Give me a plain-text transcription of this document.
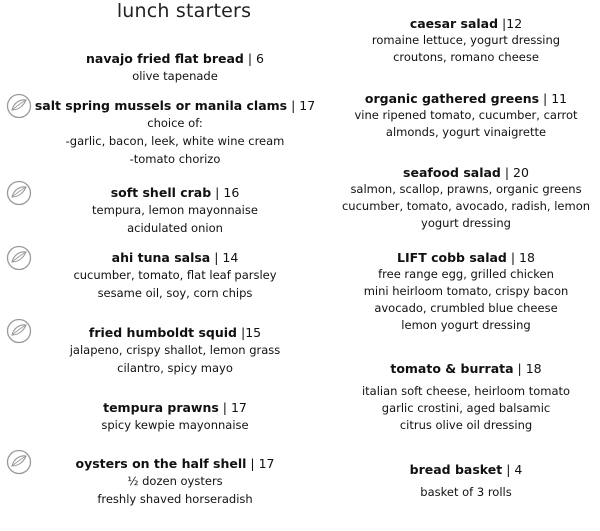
lunch starters
navajo fried flat bread | 6
olive tapenade
salt spring mussels or manila clams | 17
choice of:
-garlic, bacon, leek, white wine cream
-tomato chorizo
soft shell crab | 16
tempura, lemon mayonnaise
acidulated onion
ahi tuna salsa | 14
cucumber, tomato, flat leaf parsley
sesame oil, soy, corn chips
fried humboldt squid |15
jalapeno, crispy shallot, lemon grass
cilantro, spicy mayo
tempura prawns | 17
spicy kewpie mayonnaise
oysters on the half shell | 17
½ dozen oysters
freshly shaved horseradish
caesar salad |12
romaine lettuce, yogurt dressing
croutons, romano cheese
organic gathered greens | 11
vine ripened tomato, cucumber, carrot
almonds, yogurt vinaigrette
seafood salad | 20
salmon, scallop, prawns, organic greens
cucumber, tomato, avocado, radish, lemon
yogurt dressing
LIFT cobb salad | 18
free range egg, grilled chicken
mini heirloom tomato, crispy bacon
avocado, crumbled blue cheese
lemon yogurt dressing
tomato & burrata | 18
italian soft cheese, heirloom tomato
garlic crostini, aged balsamic
citrus olive oil dressing
bread basket | 4
basket of 3 rolls
